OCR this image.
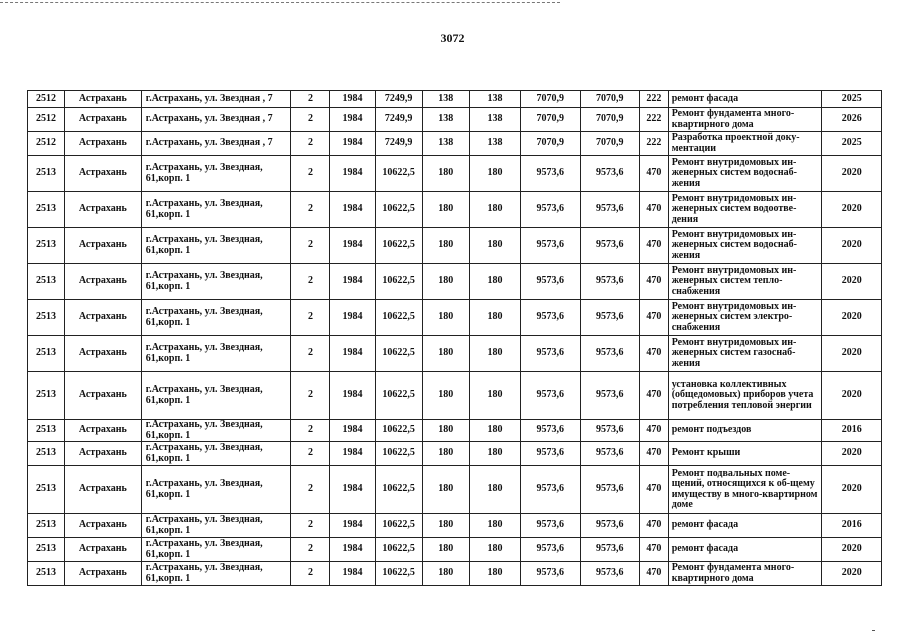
3072
2512	Астрахань	г.Астрахань, ул. Звездная , 7	2	1984	7249,9	138	138	7070,9	7070,9	222	ремонт фасада	2025
2512	Астрахань	г.Астрахань, ул. Звездная , 7	2	1984	7249,9	138	138	7070,9	7070,9	222	Ремонт фундамента много-квартирного дома	2026
2512	Астрахань	г.Астрахань, ул. Звездная , 7	2	1984	7249,9	138	138	7070,9	7070,9	222	Разработка проектной доку-ментации	2025
2513	Астрахань	г.Астрахань, ул. Звездная, 61,корп. 1	2	1984	10622,5	180	180	9573,6	9573,6	470	Ремонт внутридомовых ин-женерных систем водоснаб-жения	2020
2513	Астрахань	г.Астрахань, ул. Звездная, 61,корп. 1	2	1984	10622,5	180	180	9573,6	9573,6	470	Ремонт внутридомовых ин-женерных систем водоотве-дения	2020
2513	Астрахань	г.Астрахань, ул. Звездная, 61,корп. 1	2	1984	10622,5	180	180	9573,6	9573,6	470	Ремонт внутридомовых ин-женерных систем водоснаб-жения	2020
2513	Астрахань	г.Астрахань, ул. Звездная, 61,корп. 1	2	1984	10622,5	180	180	9573,6	9573,6	470	Ремонт внутридомовых ин-женерных систем тепло-снабжения	2020
2513	Астрахань	г.Астрахань, ул. Звездная, 61,корп. 1	2	1984	10622,5	180	180	9573,6	9573,6	470	Ремонт внутридомовых ин-женерных систем электро-снабжения	2020
2513	Астрахань	г.Астрахань, ул. Звездная, 61,корп. 1	2	1984	10622,5	180	180	9573,6	9573,6	470	Ремонт внутридомовых ин-женерных систем газоснаб-жения	2020
2513	Астрахань	г.Астрахань, ул. Звездная, 61,корп. 1	2	1984	10622,5	180	180	9573,6	9573,6	470	установка коллективных (общедомовых) приборов учета потребления тепловой энергии	2020
2513	Астрахань	г.Астрахань, ул. Звездная, 61,корп. 1	2	1984	10622,5	180	180	9573,6	9573,6	470	ремонт подъездов	2016
2513	Астрахань	г.Астрахань, ул. Звездная, 61,корп. 1	2	1984	10622,5	180	180	9573,6	9573,6	470	Ремонт крыши	2020
2513	Астрахань	г.Астрахань, ул. Звездная, 61,корп. 1	2	1984	10622,5	180	180	9573,6	9573,6	470	Ремонт подвальных поме-щений, относящихся к об-щему имуществу в много-квартирном доме	2020
2513	Астрахань	г.Астрахань, ул. Звездная, 61,корп. 1	2	1984	10622,5	180	180	9573,6	9573,6	470	ремонт фасада	2016
2513	Астрахань	г.Астрахань, ул. Звездная, 61,корп. 1	2	1984	10622,5	180	180	9573,6	9573,6	470	ремонт фасада	2020
2513	Астрахань	г.Астрахань, ул. Звездная, 61,корп. 1	2	1984	10622,5	180	180	9573,6	9573,6	470	Ремонт фундамента много-квартирного дома	2020
